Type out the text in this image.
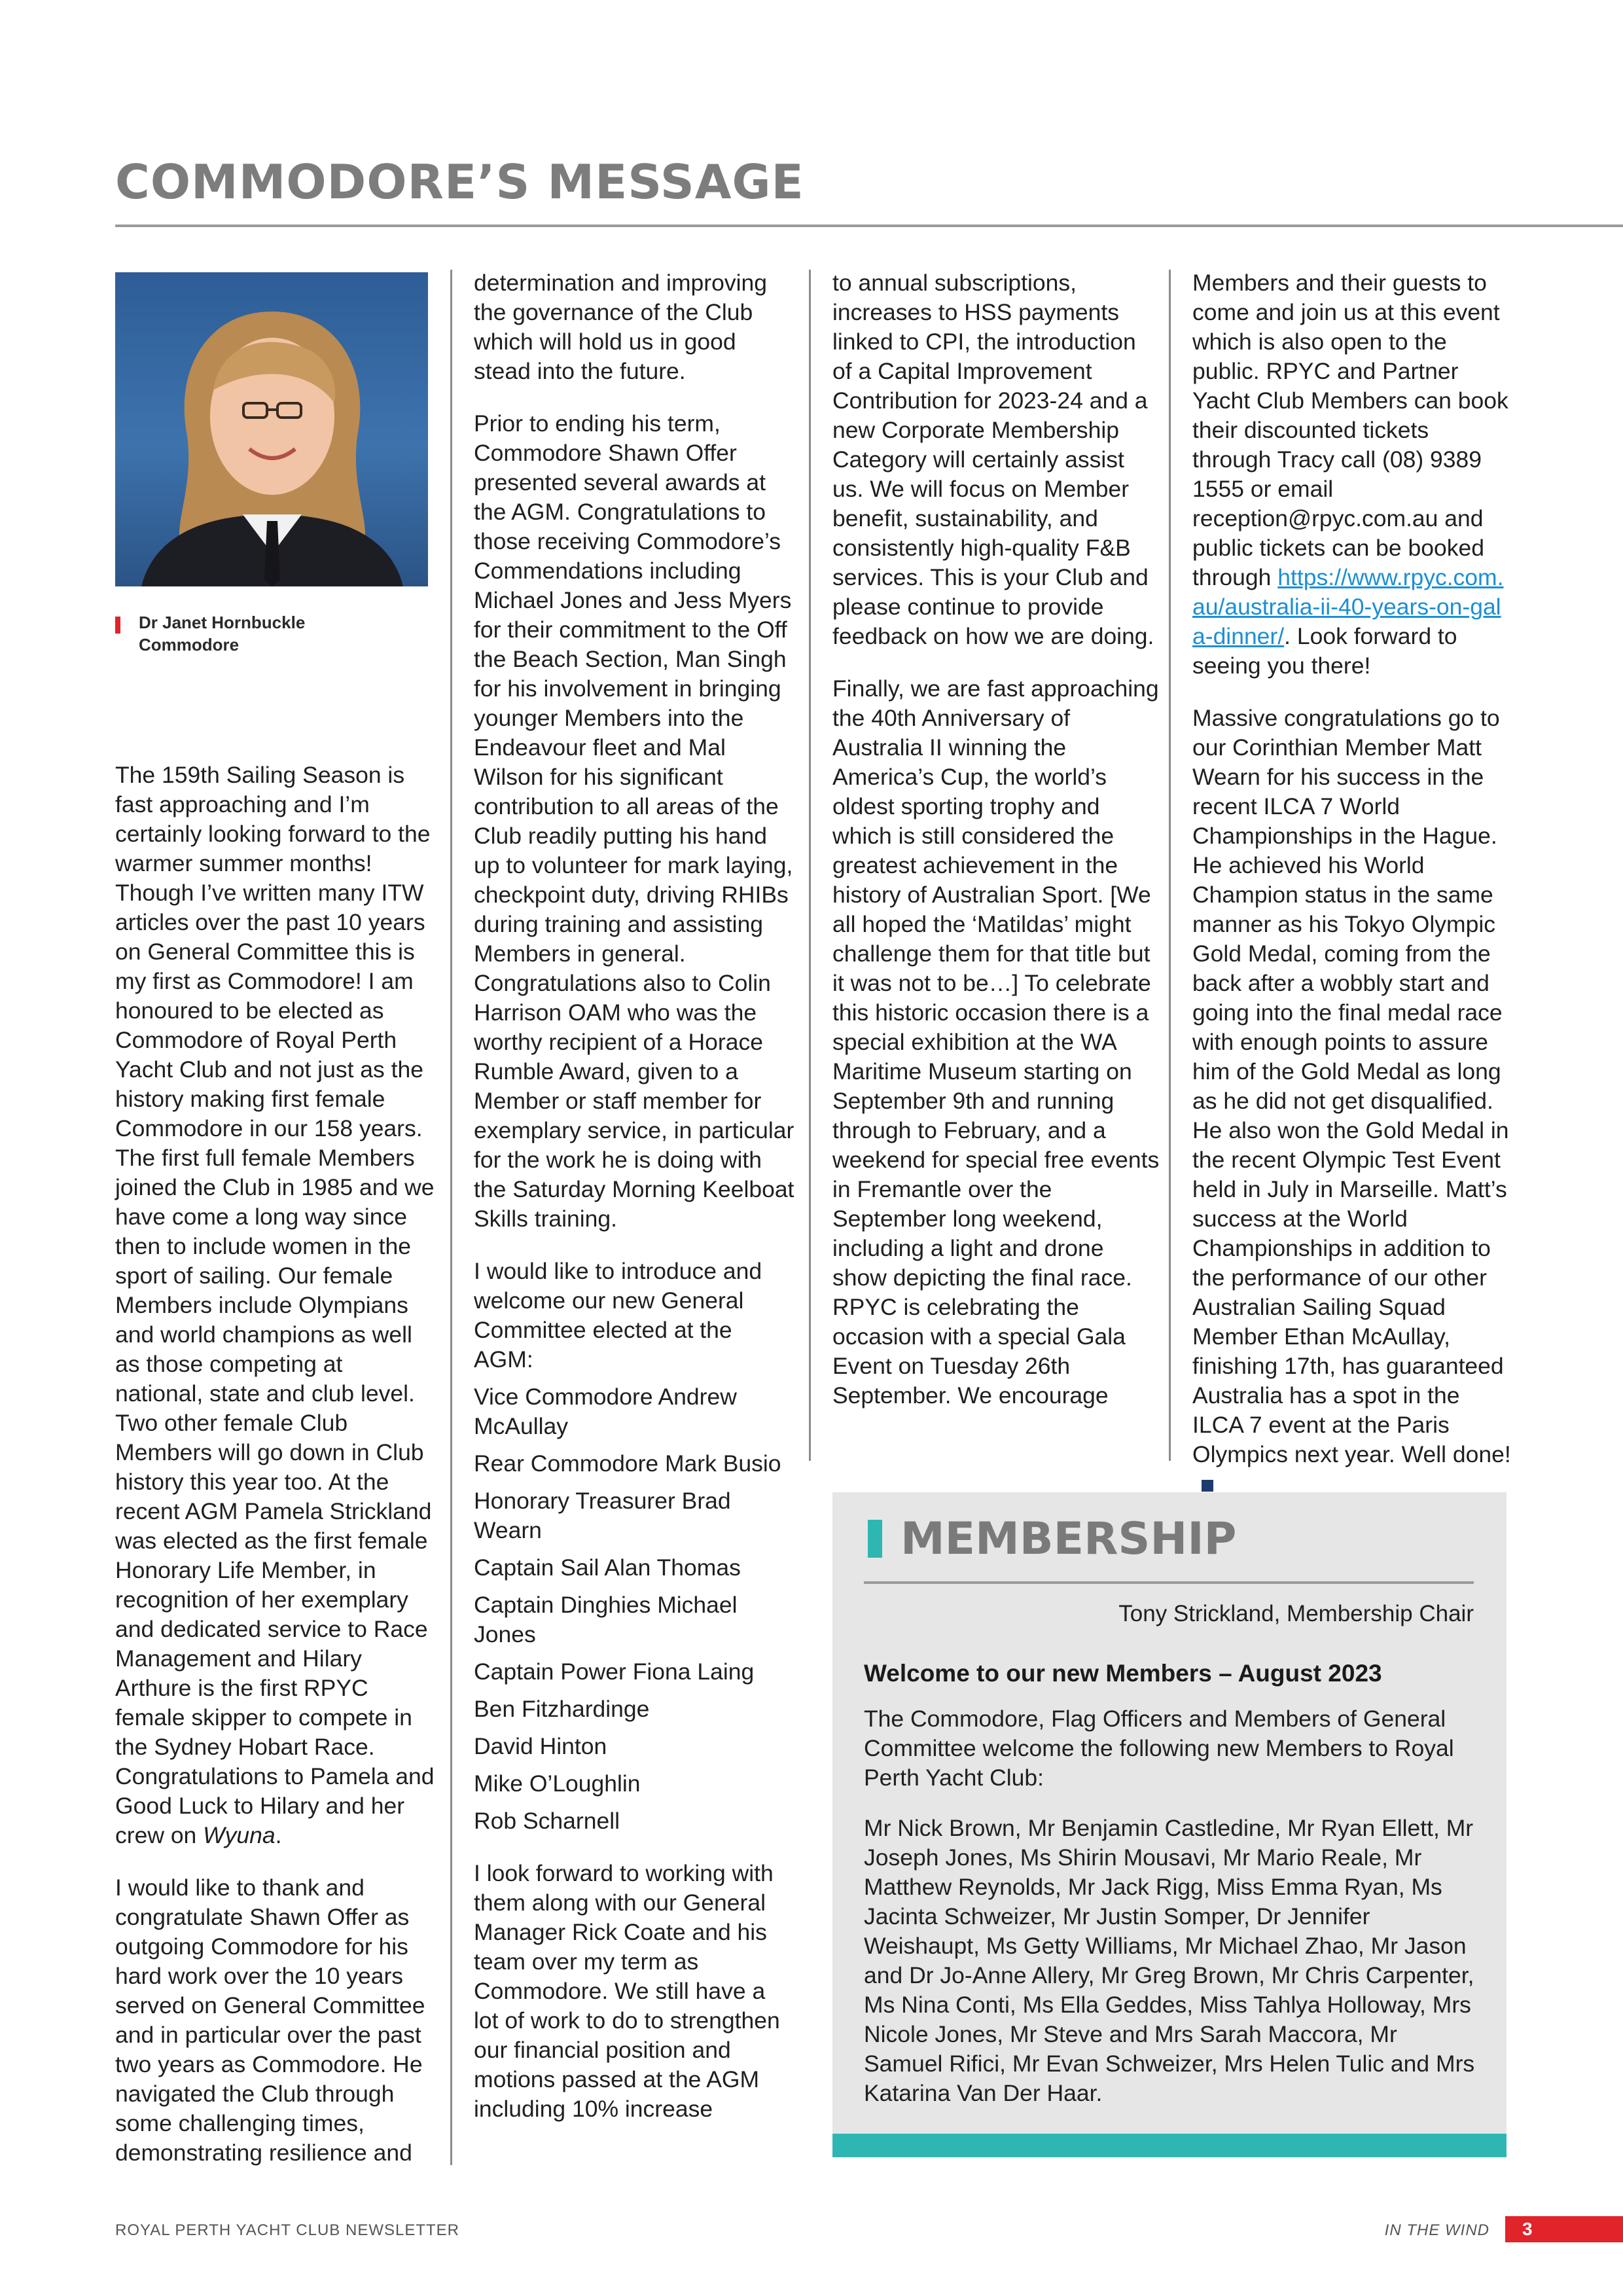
COMMODORE’S MESSAGE
Dr Janet Hornbuckle
Commodore

The 159th Sailing Season is fast approaching and I’m certainly looking forward to the warmer summer months! Though I’ve written many ITW articles over the past 10 years on General Committee this is my first as Commodore! I am honoured to be elected as Commodore of Royal Perth Yacht Club and not just as the history making first female Commodore in our 158 years. The first full female Members joined the Club in 1985 and we have come a long way since then to include women in the sport of sailing. Our female Members include Olympians and world champions as well as those competing at national, state and club level. Two other female Club Members will go down in Club history this year too. At the recent AGM Pamela Strickland was elected as the first female Honorary Life Member, in recognition of her exemplary and dedicated service to Race Management and Hilary Arthure is the first RPYC female skipper to compete in the Sydney Hobart Race. Congratulations to Pamela and Good Luck to Hilary and her crew on Wyuna.

I would like to thank and congratulate Shawn Offer as outgoing Commodore for his hard work over the 10 years served on General Committee and in particular over the past two years as Commodore. He navigated the Club through some challenging times, demonstrating resilience and

determination and improving the governance of the Club which will hold us in good stead into the future.

Prior to ending his term, Commodore Shawn Offer presented several awards at the AGM. Congratulations to those receiving Commodore’s Commendations including Michael Jones and Jess Myers for their commitment to the Off the Beach Section, Man Singh for his involvement in bringing younger Members into the Endeavour fleet and Mal Wilson for his significant contribution to all areas of the Club readily putting his hand up to volunteer for mark laying, checkpoint duty, driving RHIBs during training and assisting Members in general. Congratulations also to Colin Harrison OAM who was the worthy recipient of a Horace Rumble Award, given to a Member or staff member for exemplary service, in particular for the work he is doing with the Saturday Morning Keelboat Skills training.

I would like to introduce and welcome our new General Committee elected at the AGM:

Vice Commodore Andrew McAullay

Rear Commodore Mark Busio

Honorary Treasurer Brad Wearn

Captain Sail Alan Thomas

Captain Dinghies Michael Jones

Captain Power Fiona Laing

Ben Fitzhardinge

David Hinton

Mike O’Loughlin

Rob Scharnell

I look forward to working with them along with our General Manager Rick Coate and his team over my term as Commodore. We still have a lot of work to do to strengthen our financial position and motions passed at the AGM including 10% increase

to annual subscriptions, increases to HSS payments linked to CPI, the introduction of a Capital Improvement Contribution for 2023-24 and a new Corporate Membership Category will certainly assist us. We will focus on Member benefit, sustainability, and consistently high-quality F&B services. This is your Club and please continue to provide feedback on how we are doing.

Finally, we are fast approaching the 40th Anniversary of Australia II winning the America’s Cup, the world’s oldest sporting trophy and which is still considered the greatest achievement in the history of Australian Sport. [We all hoped the ‘Matildas’ might challenge them for that title but it was not to be…] To celebrate this historic occasion there is a special exhibition at the WA Maritime Museum starting on September 9th and running through to February, and a weekend for special free events in Fremantle over the September long weekend, including a light and drone show depicting the final race. RPYC is celebrating the occasion with a special Gala Event on Tuesday 26th September. We encourage

Members and their guests to come and join us at this event which is also open to the public. RPYC and Partner Yacht Club Members can book their discounted tickets through Tracy call (08) 9389 1555 or email reception@rpyc.com.au and public tickets can be booked through https://www.rpyc.com.au/australia-ii-40-years-on-gala-dinner/. Look forward to seeing you there!

Massive congratulations go to our Corinthian Member Matt Wearn for his success in the recent ILCA 7 World Championships in the Hague. He achieved his World Champion status in the same manner as his Tokyo Olympic Gold Medal, coming from the back after a wobbly start and going into the final medal race with enough points to assure him of the Gold Medal as long as he did not get disqualified. He also won the Gold Medal in the recent Olympic Test Event held in July in Marseille. Matt’s success at the World Championships in addition to the performance of our other Australian Sailing Squad Member Ethan McAullay, finishing 17th, has guaranteed Australia has a spot in the ILCA 7 event at the Paris Olympics next year. Well done!

MEMBERSHIP
Tony Strickland, Membership Chair
Welcome to our new Members – August 2023

The Commodore, Flag Officers and Members of General Committee welcome the following new Members to Royal Perth Yacht Club:

Mr Nick Brown, Mr Benjamin Castledine, Mr Ryan Ellett, Mr Joseph Jones, Ms Shirin Mousavi, Mr Mario Reale, Mr Matthew Reynolds, Mr Jack Rigg, Miss Emma Ryan, Ms Jacinta Schweizer, Mr Justin Somper, Dr Jennifer Weishaupt, Ms Getty Williams, Mr Michael Zhao, Mr Jason and Dr Jo-Anne Allery, Mr Greg Brown, Mr Chris Carpenter, Ms Nina Conti, Ms Ella Geddes, Miss Tahlya Holloway, Mrs Nicole Jones, Mr Steve and Mrs Sarah Maccora, Mr Samuel Rifici, Mr Evan Schweizer, Mrs Helen Tulic and Mrs Katarina Van Der Haar.

ROYAL PERTH YACHT CLUB NEWSLETTER	IN THE WIND	3
